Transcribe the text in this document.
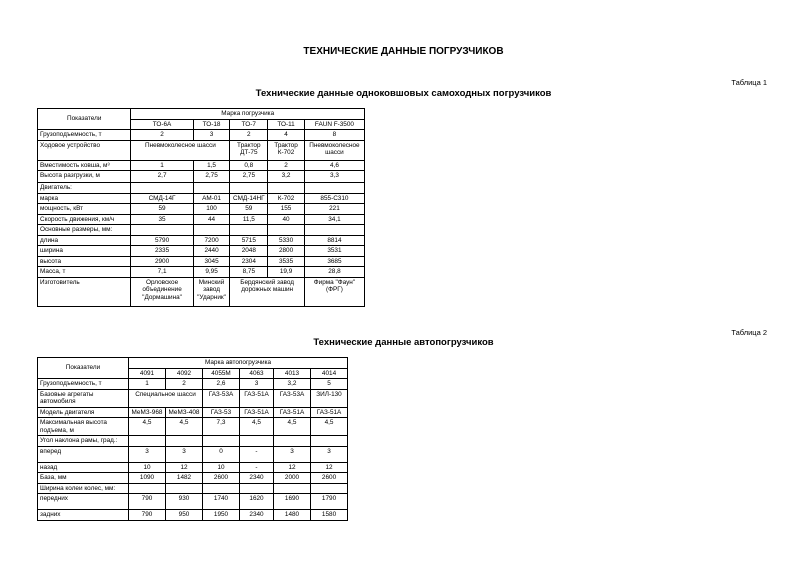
ТЕХНИЧЕСКИЕ ДАННЫЕ ПОГРУЗЧИКОВ
Таблица 1
Технические данные одноковшовых самоходных погрузчиков
Показатели	Марка погрузчика				
	ТО-6А	ТО-18	ТО-7	ТО-11	FAUN F-3500
Грузоподъемность, т	2	3	2	4	8
Ходовое устройство	Пневмоколесное шасси		Трактор ДТ-75	Трактор К-702	Пневмоколесное шасси
Вместимость ковша, м³	1	1,5	0,8	2	4,6
Высота разгрузки, м	2,7	2,75	2,75	3,2	3,3
Двигатель:					
марка	СМД-14Г	АМ-01	СМД-14НГ	К-702	855-С310
мощность, кВт	59	100	59	155	221
Скорость движения, км/ч	35	44	11,5	40	34,1
Основные размеры, мм:					
длина	5790	7200	5715	5330	8814
ширина	2335	2440	2048	2800	3531
высота	2900	3045	2304	3535	3685
Масса, т	7,1	9,95	8,75	19,9	28,8
Изготовитель	Орловское объединение "Дормашина"	Минский завод "Ударник"	Бердянский завод дорожных машин		Фирма "Фаун" (ФРГ)
Таблица 2
Технические данные автопогрузчиков
Показатели	Марка автопогрузчика					
	4091	4092	4055М	4063	4013	4014
Грузоподъемность, т	1	2	2,6	3	3,2	5
Базовые агрегаты автомобиля	Специальное шасси		ГАЗ-53А	ГАЗ-51А	ГАЗ-53А	ЗИЛ-130
Модель двигателя	МеМЗ-968	МеМЗ-408	ГАЗ-53	ГАЗ-51А	ГАЗ-51А	ГАЗ-51А
Максимальная высота подъема, м	4,5	4,5	7,3	4,5	4,5	4,5
Угол наклона рамы, град.:						
вперед	3	3	0	-	3	3
назад	10	12	10	-	12	12
База, мм	1090	1482	2600	2340	2000	2600
Ширина колеи колес, мм:						
передних	790	930	1740	1620	1690	1790
задних	790	950	1950	2340	1480	1580
